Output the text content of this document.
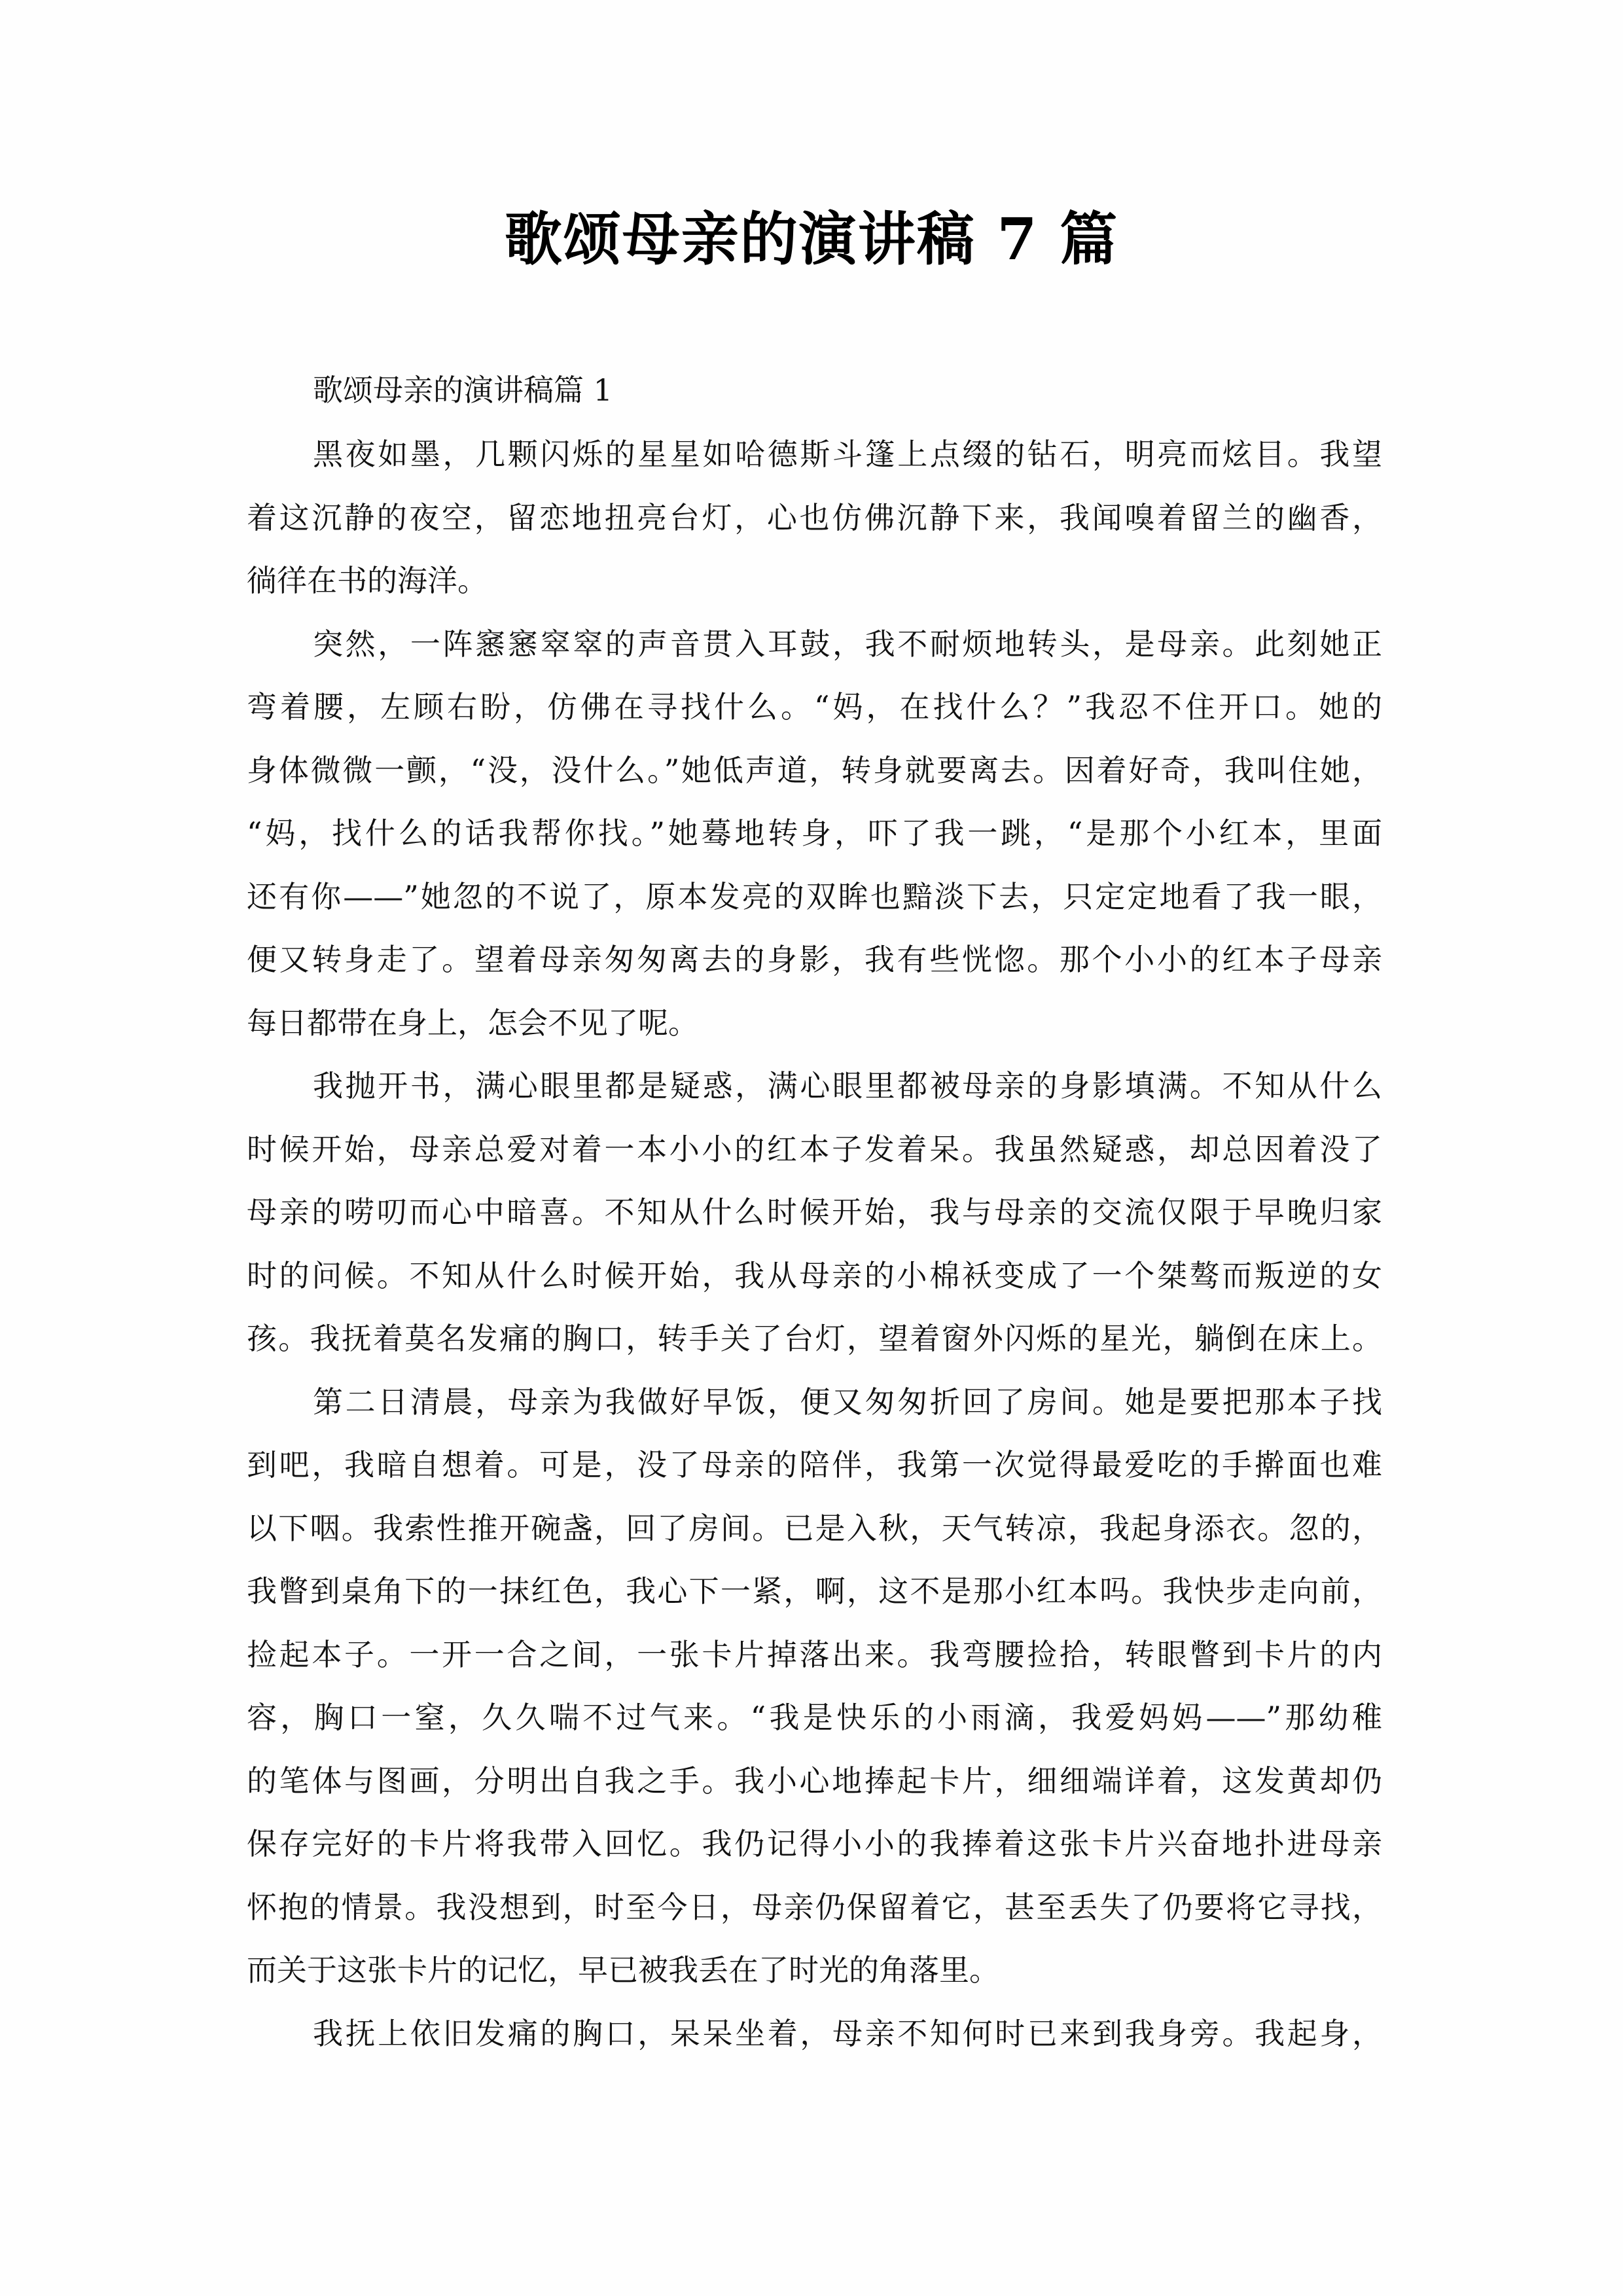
歌颂母亲的演讲稿 7 篇
歌颂母亲的演讲稿篇 1
黑夜如墨，几颗闪烁的星星如哈德斯斗篷上点缀的钻石，明亮而炫目。我望
着这沉静的夜空，留恋地扭亮台灯，心也仿佛沉静下来，我闻嗅着留兰的幽香，
徜徉在书的海洋。
突然，一阵窸窸窣窣的声音贯入耳鼓，我不耐烦地转头，是母亲。此刻她正
弯着腰，左顾右盼，仿佛在寻找什么。“妈，在找什么？”我忍不住开口。她的
身体微微一颤，“没，没什么。”她低声道，转身就要离去。因着好奇，我叫住她，
“妈，找什么的话我帮你找。”她蓦地转身，吓了我一跳，“是那个小红本，里面
还有你——”她忽的不说了，原本发亮的双眸也黯淡下去，只定定地看了我一眼，
便又转身走了。望着母亲匆匆离去的身影，我有些恍惚。那个小小的红本子母亲
每日都带在身上，怎会不见了呢。
我抛开书，满心眼里都是疑惑，满心眼里都被母亲的身影填满。不知从什么
时候开始，母亲总爱对着一本小小的红本子发着呆。我虽然疑惑，却总因着没了
母亲的唠叨而心中暗喜。不知从什么时候开始，我与母亲的交流仅限于早晚归家
时的问候。不知从什么时候开始，我从母亲的小棉袄变成了一个桀骜而叛逆的女
孩。我抚着莫名发痛的胸口，转手关了台灯，望着窗外闪烁的星光，躺倒在床上。
第二日清晨，母亲为我做好早饭，便又匆匆折回了房间。她是要把那本子找
到吧，我暗自想着。可是，没了母亲的陪伴，我第一次觉得最爱吃的手擀面也难
以下咽。我索性推开碗盏，回了房间。已是入秋，天气转凉，我起身添衣。忽的，
我瞥到桌角下的一抹红色，我心下一紧，啊，这不是那小红本吗。我快步走向前，
捡起本子。一开一合之间，一张卡片掉落出来。我弯腰捡拾，转眼瞥到卡片的内
容，胸口一窒，久久喘不过气来。“我是快乐的小雨滴，我爱妈妈——”那幼稚
的笔体与图画，分明出自我之手。我小心地捧起卡片，细细端详着，这发黄却仍
保存完好的卡片将我带入回忆。我仍记得小小的我捧着这张卡片兴奋地扑进母亲
怀抱的情景。我没想到，时至今日，母亲仍保留着它，甚至丢失了仍要将它寻找，
而关于这张卡片的记忆，早已被我丢在了时光的角落里。
我抚上依旧发痛的胸口，呆呆坐着，母亲不知何时已来到我身旁。我起身，
